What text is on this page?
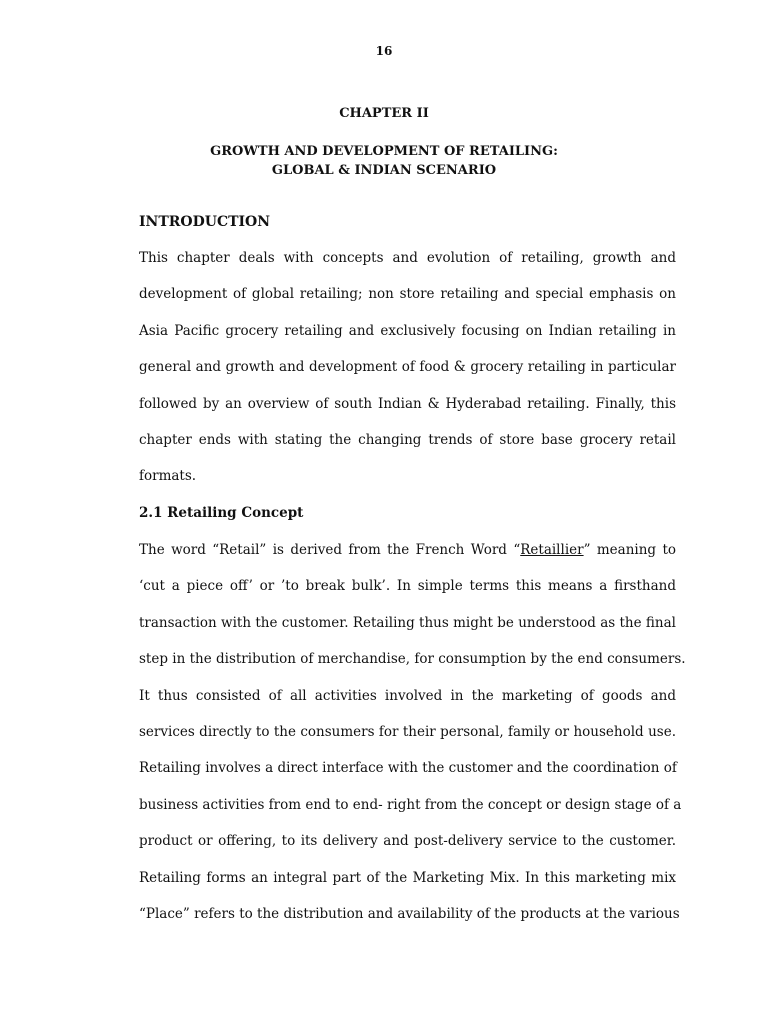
16
CHAPTER II
GROWTH AND DEVELOPMENT OF RETAILING:
GLOBAL & INDIAN SCENARIO
INTRODUCTION
This chapter deals with concepts and evolution of retailing, growth and
development of global retailing; non store retailing and special emphasis on
Asia Pacific grocery retailing and exclusively focusing on Indian retailing in
general and growth and development of food & grocery retailing in particular
followed by an overview of south Indian & Hyderabad retailing. Finally, this
chapter ends with stating the changing trends of store base grocery retail
formats.
2.1 Retailing Concept
The word “Retail” is derived from the French Word “Retaillier” meaning to
‘cut a piece off’ or ’to break bulk’. In simple terms this means a firsthand
transaction with the customer. Retailing thus might be understood as the final
step in the distribution of merchandise, for consumption by the end consumers.
It thus consisted of all activities involved in the marketing of goods and
services directly to the consumers for their personal, family or household use.
Retailing involves a direct interface with the customer and the coordination of
business activities from end to end- right from the concept or design stage of a
product or offering, to its delivery and post-delivery service to the customer.
Retailing forms an integral part of the Marketing Mix. In this marketing mix
“Place” refers to the distribution and availability of the products at the various
